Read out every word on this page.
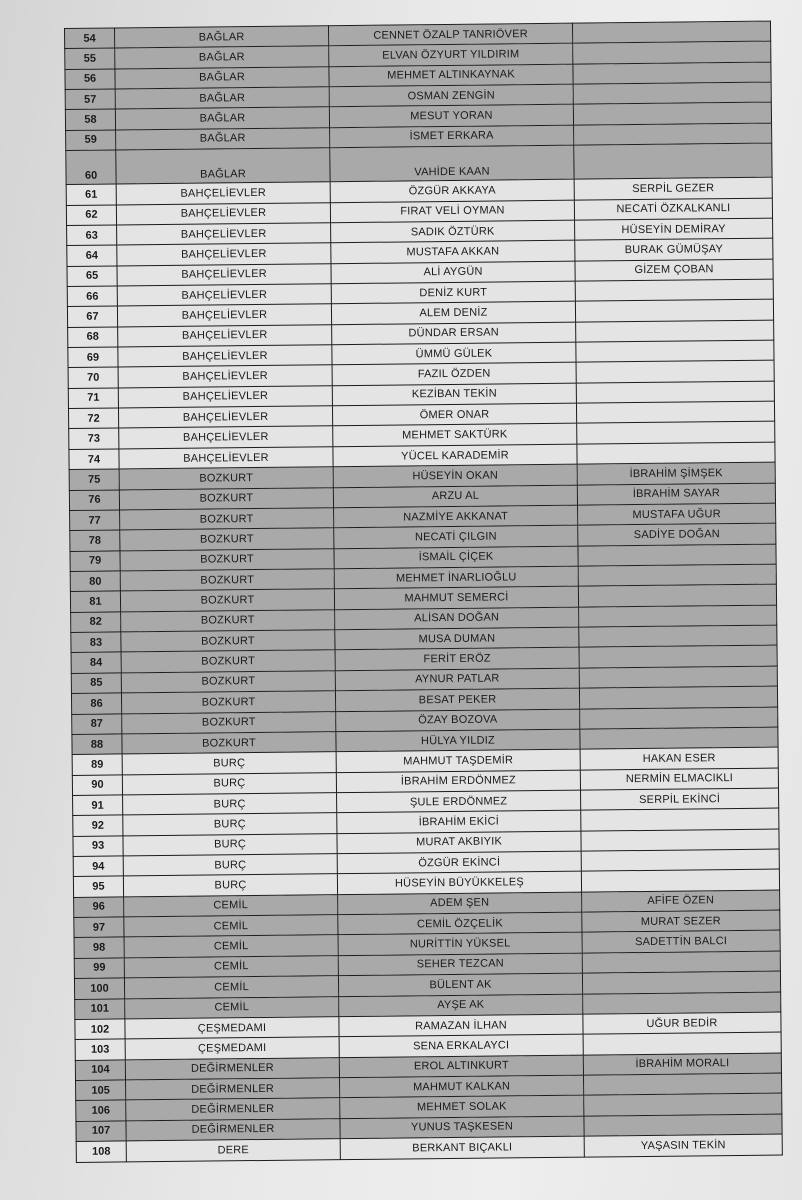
54	BAĞLAR	CENNET ÖZALP TANRIÖVER	
55	BAĞLAR	ELVAN ÖZYURT YILDIRIM	
56	BAĞLAR	MEHMET ALTINKAYNAK	
57	BAĞLAR	OSMAN ZENGİN	
58	BAĞLAR	MESUT YORAN	
59	BAĞLAR	İSMET ERKARA	
60	BAĞLAR	VAHİDE KAAN	
61	BAHÇELİEVLER	ÖZGÜR AKKAYA	SERPİL GEZER
62	BAHÇELİEVLER	FIRAT VELİ OYMAN	NECATİ ÖZKALKANLI
63	BAHÇELİEVLER	SADIK ÖZTÜRK	HÜSEYİN DEMİRAY
64	BAHÇELİEVLER	MUSTAFA AKKAN	BURAK GÜMÜŞAY
65	BAHÇELİEVLER	ALİ AYGÜN	GİZEM ÇOBAN
66	BAHÇELİEVLER	DENİZ KURT	
67	BAHÇELİEVLER	ALEM DENİZ	
68	BAHÇELİEVLER	DÜNDAR ERSAN	
69	BAHÇELİEVLER	ÜMMÜ GÜLEK	
70	BAHÇELİEVLER	FAZIL ÖZDEN	
71	BAHÇELİEVLER	KEZİBAN TEKİN	
72	BAHÇELİEVLER	ÖMER ONAR	
73	BAHÇELİEVLER	MEHMET SAKTÜRK	
74	BAHÇELİEVLER	YÜCEL KARADEMİR	
75	BOZKURT	HÜSEYİN OKAN	İBRAHİM ŞİMŞEK
76	BOZKURT	ARZU AL	İBRAHİM SAYAR
77	BOZKURT	NAZMİYE AKKANAT	MUSTAFA UĞUR
78	BOZKURT	NECATİ ÇILGIN	SADİYE DOĞAN
79	BOZKURT	İSMAİL ÇİÇEK	
80	BOZKURT	MEHMET İNARLIOĞLU	
81	BOZKURT	MAHMUT SEMERCİ	
82	BOZKURT	ALİSAN DOĞAN	
83	BOZKURT	MUSA DUMAN	
84	BOZKURT	FERİT ERÖZ	
85	BOZKURT	AYNUR PATLAR	
86	BOZKURT	BESAT PEKER	
87	BOZKURT	ÖZAY BOZOVA	
88	BOZKURT	HÜLYA YILDIZ	
89	BURÇ	MAHMUT TAŞDEMİR	HAKAN ESER
90	BURÇ	İBRAHİM ERDÖNMEZ	NERMİN ELMACIKLI
91	BURÇ	ŞULE ERDÖNMEZ	SERPİL EKİNCİ
92	BURÇ	İBRAHİM EKİCİ	
93	BURÇ	MURAT AKBIYIK	
94	BURÇ	ÖZGÜR EKİNCİ	
95	BURÇ	HÜSEYİN BÜYÜKKELEŞ	
96	CEMİL	ADEM ŞEN	AFİFE ÖZEN
97	CEMİL	CEMİL ÖZÇELİK	MURAT SEZER
98	CEMİL	NURİTTİN YÜKSEL	SADETTİN BALCI
99	CEMİL	SEHER TEZCAN	
100	CEMİL	BÜLENT AK	
101	CEMİL	AYŞE AK	
102	ÇEŞMEDAMI	RAMAZAN İLHAN	UĞUR BEDİR
103	ÇEŞMEDAMI	SENA ERKALAYCI	
104	DEĞİRMENLER	EROL ALTINKURT	İBRAHİM MORALI
105	DEĞİRMENLER	MAHMUT KALKAN	
106	DEĞİRMENLER	MEHMET SOLAK	
107	DEĞİRMENLER	YUNUS TAŞKESEN	
108	DERE	BERKANT BIÇAKLI	YAŞASIN TEKİN
